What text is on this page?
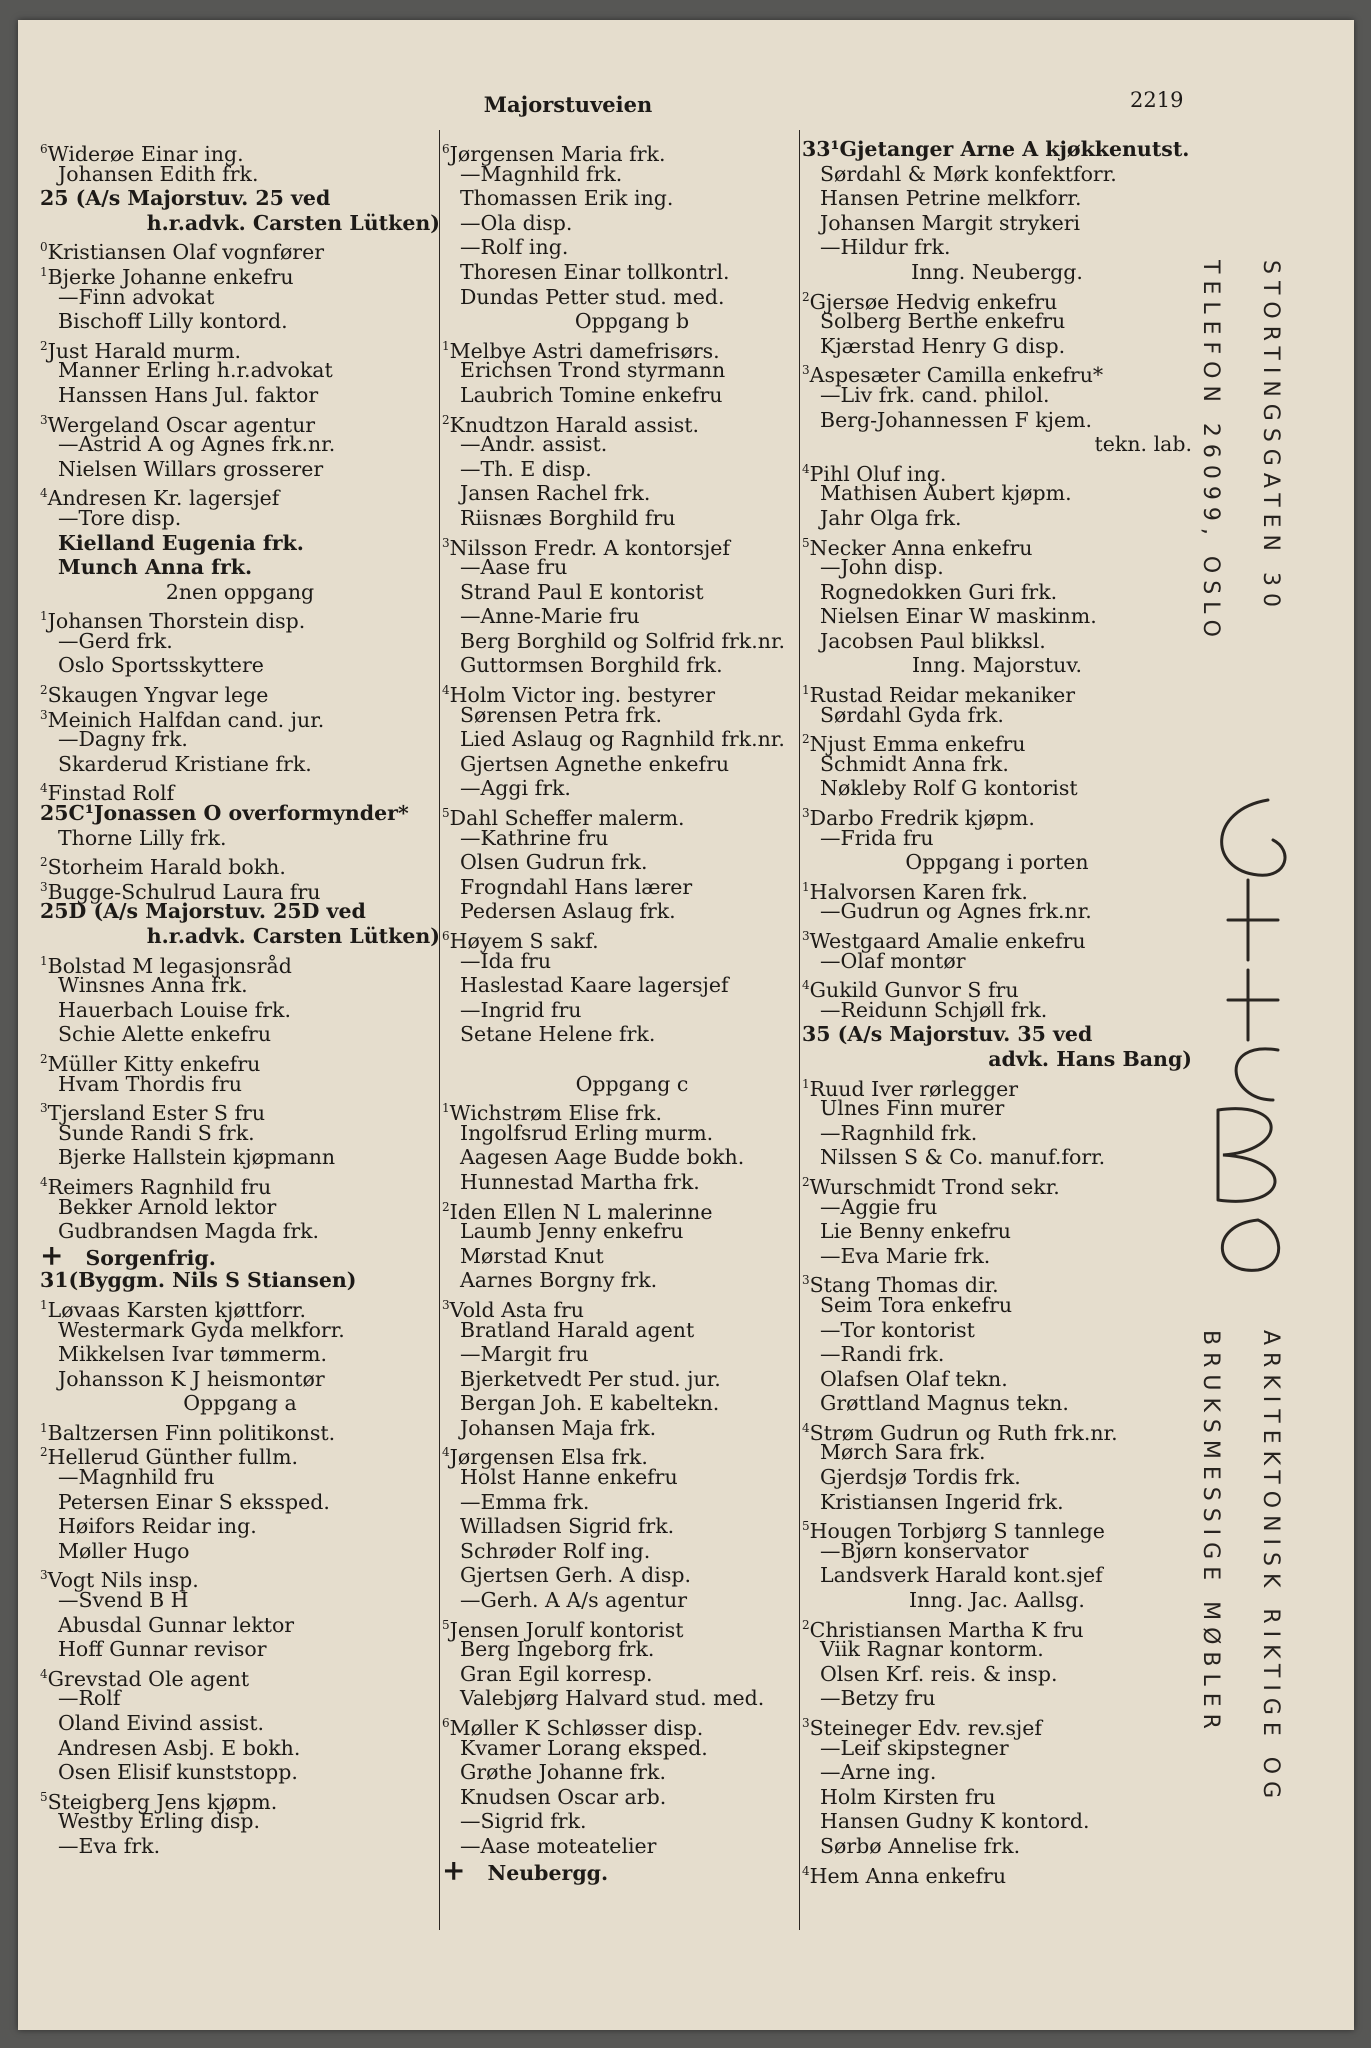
Majorstuveien	2219
$^6$Widerøe Einar ing.
Johansen Edith frk.
25 (A/s Majorstuv. 25 ved
h.r.advk. Carsten Lütken)
$^0$Kristiansen Olaf vognfører
$^1$Bjerke Johanne enkefru
—Finn advokat
Bischoff Lilly kontord.
$^2$Just Harald murm.
Manner Erling h.r.advokat
Hanssen Hans Jul. faktor
$^3$Wergeland Oscar agentur
—Astrid A og Agnes frk.nr.
Nielsen Willars grosserer
$^4$Andresen Kr. lagersjef
—Tore disp.
Kielland Eugenia frk.
Munch Anna frk.
2nen oppgang
$^1$Johansen Thorstein disp.
—Gerd frk.
Oslo Sportsskyttere
$^2$Skaugen Yngvar lege
$^3$Meinich Halfdan cand. jur.
—Dagny frk.
Skarderud Kristiane frk.
$^4$Finstad Rolf
25C¹Jonassen O overformynder*
Thorne Lilly frk.
$^2$Storheim Harald bokh.
$^3$Bugge-Schulrud Laura fru
25D (A/s Majorstuv. 25D ved
h.r.advk. Carsten Lütken)
$^1$Bolstad M legasjonsråd
Winsnes Anna frk.
Hauerbach Louise frk.
Schie Alette enkefru
$^2$Müller Kitty enkefru
Hvam Thordis fru
$^3$Tjersland Ester S fru
Sunde Randi S frk.
Bjerke Hallstein kjøpmann
$^4$Reimers Ragnhild fru
Bekker Arnold lektor
Gudbrandsen Magda frk.
+ Sorgenfrig.
31(Byggm. Nils S Stiansen)
$^1$Løvaas Karsten kjøttforr.
Westermark Gyda melkforr.
Mikkelsen Ivar tømmerm.
Johansson K J heismontør
Oppgang a
$^1$Baltzersen Finn politikonst.
$^2$Hellerud Günther fullm.
—Magnhild fru
Petersen Einar S ekssped.
Høifors Reidar ing.
Møller Hugo
$^3$Vogt Nils insp.
—Svend B H
Abusdal Gunnar lektor
Hoff Gunnar revisor
$^4$Grevstad Ole agent
—Rolf
Oland Eivind assist.
Andresen Asbj. E bokh.
Osen Elisif kunststopp.
$^5$Steigberg Jens kjøpm.
Westby Erling disp.
—Eva frk.
$^6$Jørgensen Maria frk.
—Magnhild frk.
Thomassen Erik ing.
—Ola disp.
—Rolf ing.
Thoresen Einar tollkontrl.
Dundas Petter stud. med.
Oppgang b
$^1$Melbye Astri damefrisørs.
Erichsen Trond styrmann
Laubrich Tomine enkefru
$^2$Knudtzon Harald assist.
—Andr. assist.
—Th. E disp.
Jansen Rachel frk.
Riisnæs Borghild fru
$^3$Nilsson Fredr. A kontorsjef
—Aase fru
Strand Paul E kontorist
—Anne-Marie fru
Berg Borghild og Solfrid frk.nr.
Guttormsen Borghild frk.
$^4$Holm Victor ing. bestyrer
Sørensen Petra frk.
Lied Aslaug og Ragnhild frk.nr.
Gjertsen Agnethe enkefru
—Aggi frk.
$^5$Dahl Scheffer malerm.
—Kathrine fru
Olsen Gudrun frk.
Frogndahl Hans lærer
Pedersen Aslaug frk.
$^6$Høyem S sakf.
—Ida fru
Haslestad Kaare lagersjef
—Ingrid fru
Setane Helene frk.
Oppgang c
$^1$Wichstrøm Elise frk.
Ingolfsrud Erling murm.
Aagesen Aage Budde bokh.
Hunnestad Martha frk.
$^2$Iden Ellen N L malerinne
Laumb Jenny enkefru
Mørstad Knut
Aarnes Borgny frk.
$^3$Vold Asta fru
Bratland Harald agent
—Margit fru
Bjerketvedt Per stud. jur.
Bergan Joh. E kabeltekn.
Johansen Maja frk.
$^4$Jørgensen Elsa frk.
Holst Hanne enkefru
—Emma frk.
Willadsen Sigrid frk.
Schrøder Rolf ing.
Gjertsen Gerh. A disp.
—Gerh. A A/s agentur
$^5$Jensen Jorulf kontorist
Berg Ingeborg frk.
Gran Egil korresp.
Valebjørg Halvard stud. med.
$^6$Møller K Schløsser disp.
Kvamer Lorang eksped.
Grøthe Johanne frk.
Knudsen Oscar arb.
—Sigrid frk.
—Aase moteatelier
+ Neubergg.
33¹Gjetanger Arne A kjøkkenutst.
Sørdahl & Mørk konfektforr.
Hansen Petrine melkforr.
Johansen Margit strykeri
—Hildur frk.
Inng. Neubergg.
$^2$Gjersøe Hedvig enkefru
Solberg Berthe enkefru
Kjærstad Henry G disp.
$^3$Aspesæter Camilla enkefru*
—Liv frk. cand. philol.
Berg-Johannessen F kjem.
tekn. lab.
$^4$Pihl Oluf ing.
Mathisen Aubert kjøpm.
Jahr Olga frk.
$^5$Necker Anna enkefru
—John disp.
Rognedokken Guri frk.
Nielsen Einar W maskinm.
Jacobsen Paul blikksl.
Inng. Majorstuv.
$^1$Rustad Reidar mekaniker
Sørdahl Gyda frk.
$^2$Njust Emma enkefru
Schmidt Anna frk.
Nøkleby Rolf G kontorist
$^3$Darbo Fredrik kjøpm.
—Frida fru
Oppgang i porten
$^1$Halvorsen Karen frk.
—Gudrun og Agnes frk.nr.
$^3$Westgaard Amalie enkefru
—Olaf montør
$^4$Gukild Gunvor S fru
—Reidunn Schjøll frk.
35 (A/s Majorstuv. 35 ved
advk. Hans Bang)
$^1$Ruud Iver rørlegger
Ulnes Finn murer
—Ragnhild frk.
Nilssen S & Co. manuf.forr.
$^2$Wurschmidt Trond sekr.
—Aggie fru
Lie Benny enkefru
—Eva Marie frk.
$^3$Stang Thomas dir.
Seim Tora enkefru
—Tor kontorist
—Randi frk.
Olafsen Olaf tekn.
Grøttland Magnus tekn.
$^4$Strøm Gudrun og Ruth frk.nr.
Mørch Sara frk.
Gjerdsjø Tordis frk.
Kristiansen Ingerid frk.
$^5$Hougen Torbjørg S tannlege
—Bjørn konservator
Landsverk Harald kont.sjef
Inng. Jac. Aallsg.
$^2$Christiansen Martha K fru
Viik Ragnar kontorm.
Olsen Krf. reis. & insp.
—Betzy fru
$^3$Steineger Edv. rev.sjef
—Leif skipstegner
—Arne ing.
Holm Kirsten fru
Hansen Gudny K kontord.
Sørbø Annelise frk.
$^4$Hem Anna enkefru
STORTINGSGATEN 30
TELEFON 26099, OSLO
ARKITEKTONISK RIKTIGE OG
BRUKSMESSIGE MØBLER
